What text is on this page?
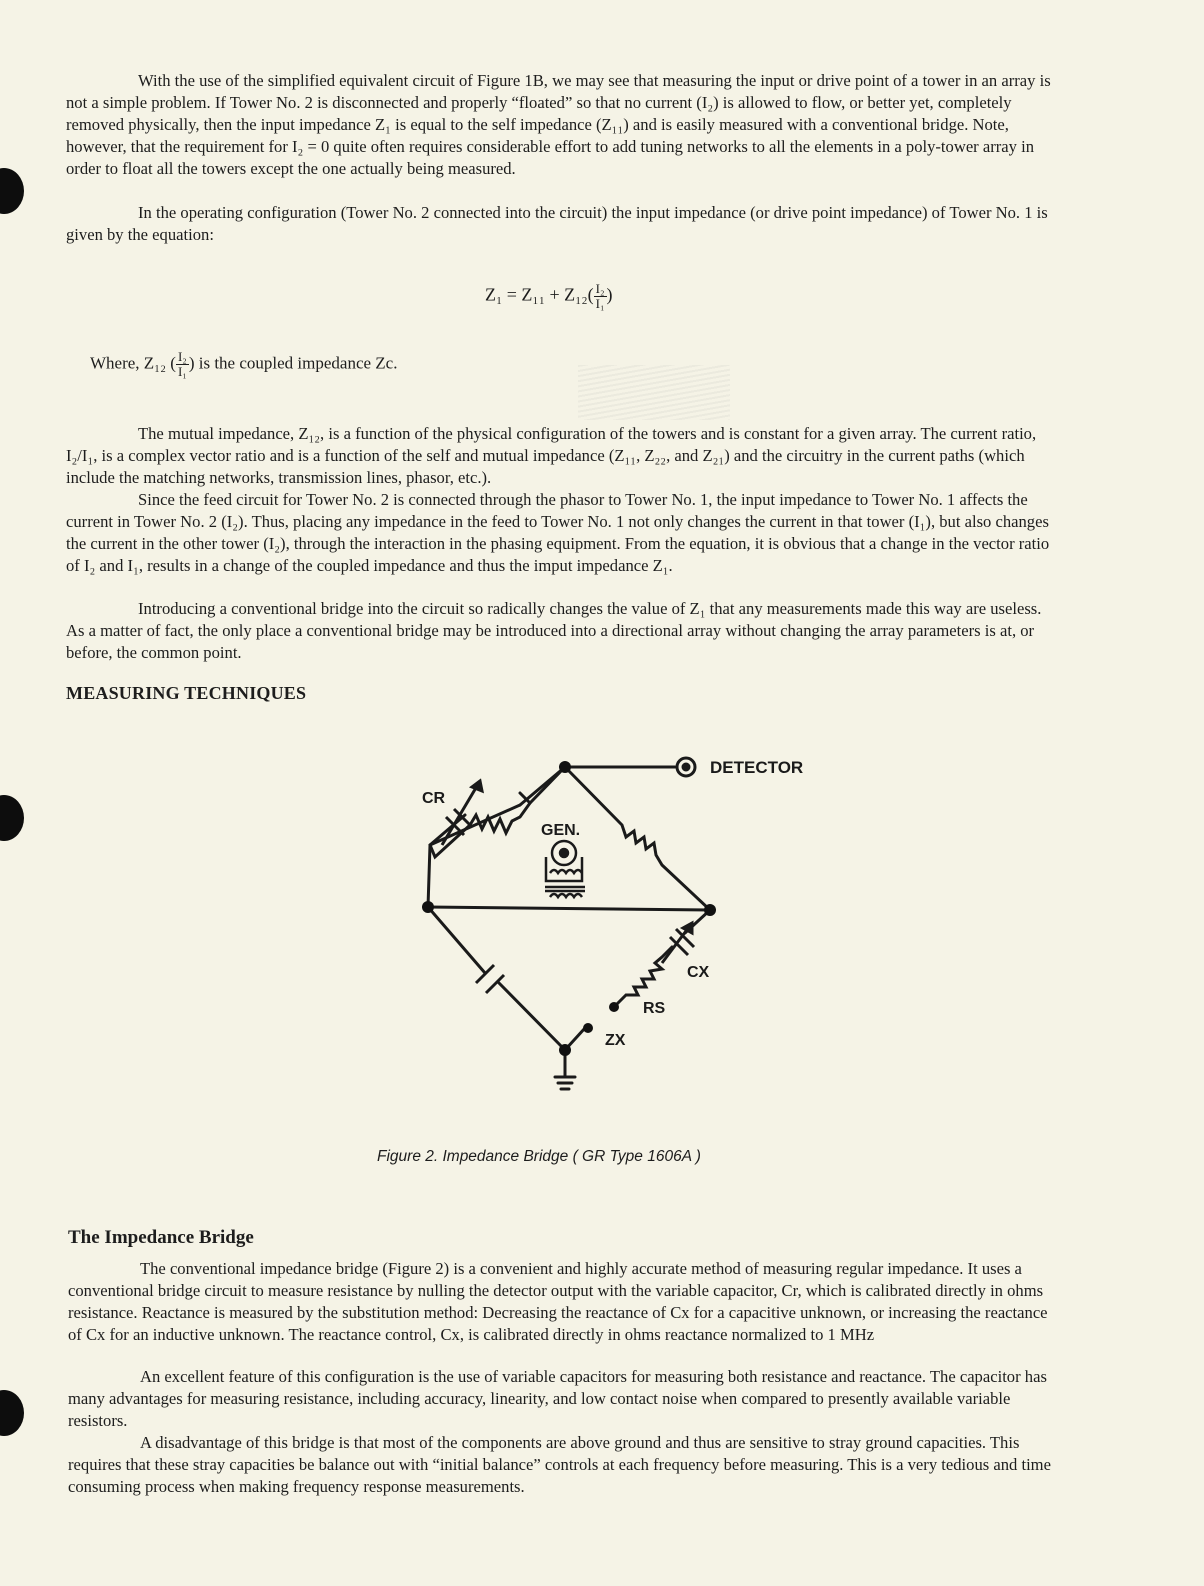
With the use of the simplified equivalent circuit of Figure 1B, we may see that measuring the input or drive point of a tower in an array is not a simple problem. If Tower No. 2 is disconnected and properly “floated” so that no current (I₂) is allowed to flow, or better yet, completely removed physically, then the input impedance Z₁ is equal to the self impedance (Z₁₁) and is easily measured with a conventional bridge. Note, however, that the requirement for I₂ = 0 quite often requires considerable effort to add tuning networks to all the elements in a poly-tower array in order to float all the towers except the one actually being measured.

In the operating configuration (Tower No. 2 connected into the circuit) the input impedance (or drive point impedance) of Tower No. 1 is given by the equation:

$Z_1 = Z_{11} + Z_{12}( \frac{\text{I₂}}{\text{I₁}}$ )
Where, Z₁₂ ( $\frac{\text{I₂}}{\text{I₁}}$ ) is the coupled impedance Zc.

The mutual impedance, Z₁₂, is a function of the physical configuration of the towers and is constant for a given array. The current ratio, I₂/I₁, is a complex vector ratio and is a function of the self and mutual impedance (Z₁₁, Z₂₂, and Z₂₁) and the circuitry in the current paths (which include the matching networks, transmission lines, phasor, etc.).

Since the feed circuit for Tower No. 2 is connected through the phasor to Tower No. 1, the input impedance to Tower No. 1 affects the current in Tower No. 2 (I₂). Thus, placing any impedance in the feed to Tower No. 1 not only changes the current in that tower (I₁), but also changes the current in the other tower (I₂), through the interaction in the phasing equipment. From the equation, it is obvious that a change in the vector ratio of I₂ and I₁, results in a change of the coupled impedance and thus the imput impedance Z₁.

Introducing a conventional bridge into the circuit so radically changes the value of Z₁ that any measurements made this way are useless. As a matter of fact, the only place a conventional bridge may be introduced into a directional array without changing the array parameters is at, or before, the common point.

MEASURING TECHNIQUES
DETECTOR
GEN.
CR
CX
RS
ZX
Figure 2. Impedance Bridge ( GR Type 1606A )
The Impedance Bridge

The conventional impedance bridge (Figure 2) is a convenient and highly accurate method of measuring regular impedance. It uses a conventional bridge circuit to measure resistance by nulling the detector output with the variable capacitor, Cr, which is calibrated directly in ohms resistance. Reactance is measured by the substitution method: Decreasing the reactance of Cx for a capacitive unknown, or increasing the reactance of Cx for an inductive unknown. The reactance control, Cx, is calibrated directly in ohms reactance normalized to 1 MHz

An excellent feature of this configuration is the use of variable capacitors for measuring both resistance and reactance. The capacitor has many advantages for measuring resistance, including accuracy, linearity, and low contact noise when compared to presently available variable resistors.

A disadvantage of this bridge is that most of the components are above ground and thus are sensitive to stray ground capacities. This requires that these stray capacities be balance out with “initial balance” controls at each frequency before measuring. This is a very tedious and time consuming process when making frequency response measurements.
